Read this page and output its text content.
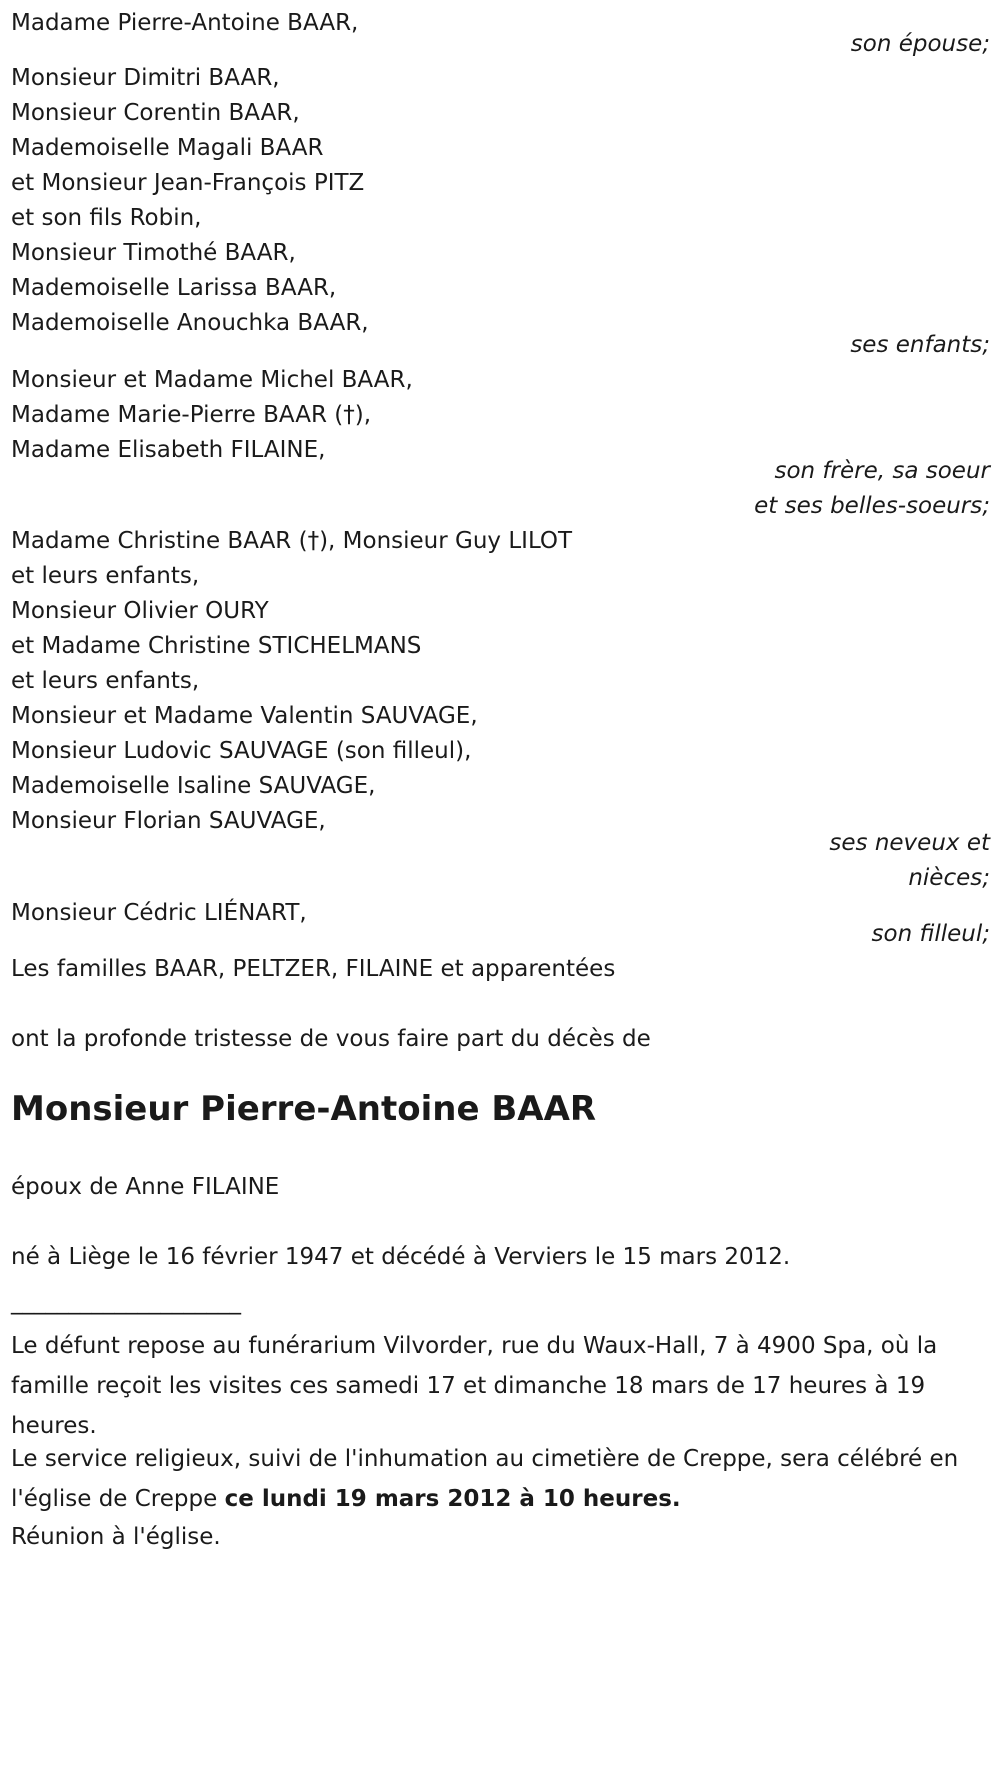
Madame Pierre-Antoine BAAR,
son épouse;
Monsieur Dimitri BAAR,
Monsieur Corentin BAAR,
Mademoiselle Magali BAAR
et Monsieur Jean-François PITZ
et son fils Robin,
Monsieur Timothé BAAR,
Mademoiselle Larissa BAAR,
Mademoiselle Anouchka BAAR,
ses enfants;
Monsieur et Madame Michel BAAR,
Madame Marie-Pierre BAAR (†),
Madame Elisabeth FILAINE,
son frère, sa soeur
et ses belles-soeurs;
Madame Christine BAAR (†), Monsieur Guy LILOT
et leurs enfants,
Monsieur Olivier OURY
et Madame Christine STICHELMANS
et leurs enfants,
Monsieur et Madame Valentin SAUVAGE,
Monsieur Ludovic SAUVAGE (son filleul),
Mademoiselle Isaline SAUVAGE,
Monsieur Florian SAUVAGE,
ses neveux et
nièces;
Monsieur Cédric LIÉNART,
son filleul;
Les familles BAAR, PELTZER, FILAINE et apparentées
ont la profonde tristesse de vous faire part du décès de
Monsieur Pierre-Antoine BAAR
époux de Anne FILAINE
né à Liège le 16 février 1947 et décédé à Verviers le 15 mars 2012.
____________________
Le défunt repose au funérarium Vilvorder, rue du Waux-Hall, 7 à 4900 Spa, où la famille reçoit les visites ces samedi 17 et dimanche 18 mars de 17 heures à 19 heures.
Le service religieux, suivi de l'inhumation au cimetière de Creppe, sera célébré en l'église de Creppe ce lundi 19 mars 2012 à 10 heures.
Réunion à l'église.
